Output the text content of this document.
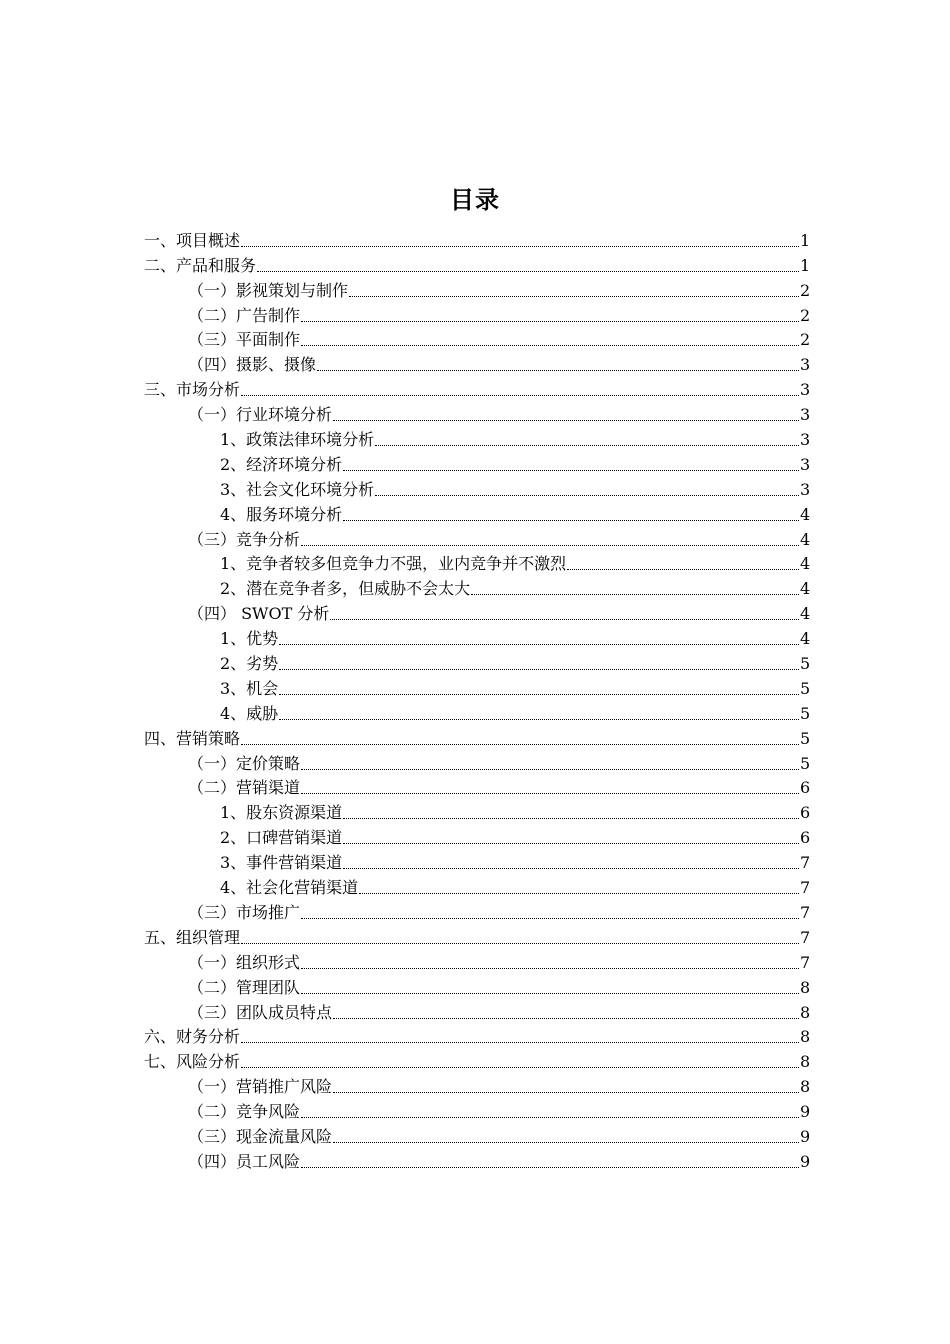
目录
一、项目概述	1
二、产品和服务	1
（一）影视策划与制作	2
（二）广告制作	2
（三）平面制作	2
（四）摄影、摄像	3
三、市场分析	3
（一）行业环境分析	3
1、政策法律环境分析	3
2、经济环境分析	3
3、社会文化环境分析	3
4、服务环境分析	4
（三）竞争分析	4
1、竞争者较多但竞争力不强，业内竞争并不激烈	4
2、潜在竞争者多，但威胁不会太大	4
（四） SWOT 分析	4
1、优势	4
2、劣势	5
3、机会	5
4、威胁	5
四、营销策略	5
（一）定价策略	5
（二）营销渠道	6
1、股东资源渠道	6
2、口碑营销渠道	6
3、事件营销渠道	7
4、社会化营销渠道	7
（三）市场推广	7
五、组织管理	7
（一）组织形式	7
（二）管理团队	8
（三）团队成员特点	8
六、财务分析	8
七、风险分析	8
（一）营销推广风险	8
（二）竞争风险	9
（三）现金流量风险	9
（四）员工风险	9
